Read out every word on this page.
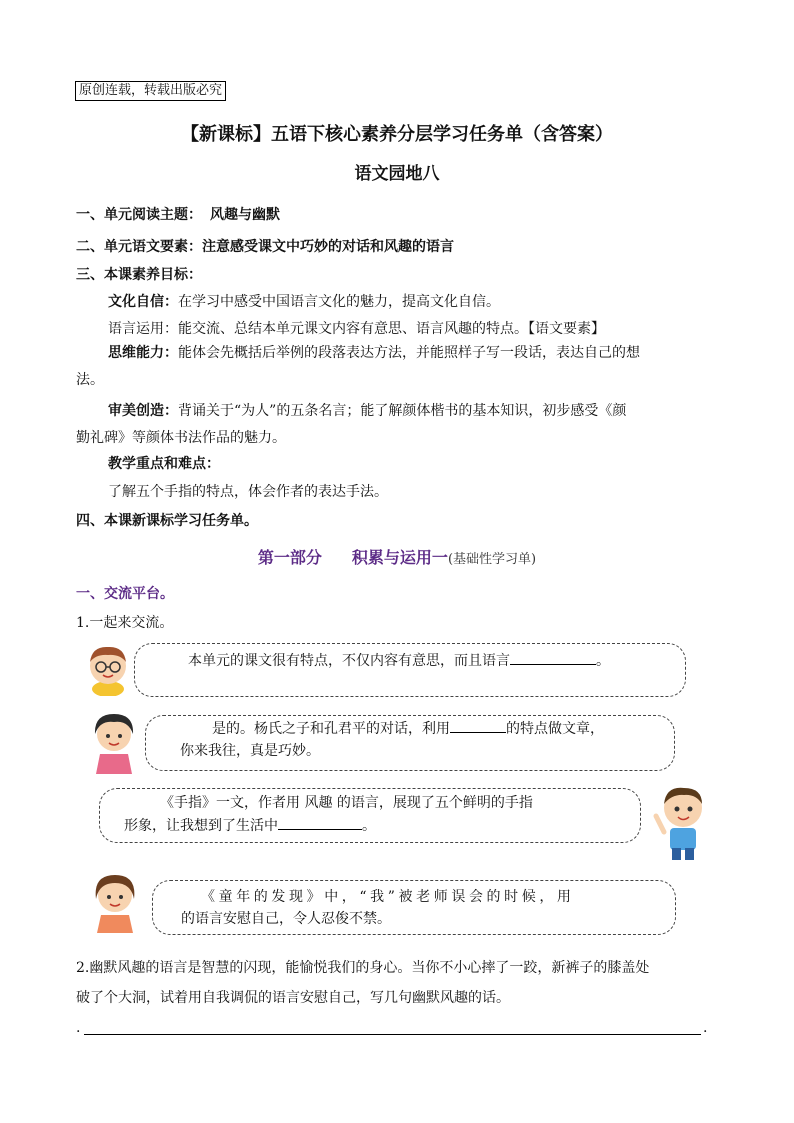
原创连载，转载出版必究
【新课标】五语下核心素养分层学习任务单（含答案）
语文园地八
一、单元阅读主题： 风趣与幽默
二、单元语文要素：注意感受课文中巧妙的对话和风趣的语言
三、本课素养目标：
文化自信：在学习中感受中国语言文化的魅力，提高文化自信。
语言运用：能交流、总结本单元课文内容有意思、语言风趣的特点。【语文要素】
思维能力：能体会先概括后举例的段落表达方法，并能照样子写一段话，表达自己的想
法。
审美创造：背诵关于“为人”的五条名言；能了解颜体楷书的基本知识，初步感受《颜
勤礼碑》等颜体书法作品的魅力。
教学重点和难点：
了解五个手指的特点，体会作者的表达手法。
四、本课新课标学习任务单。
第一部分 积累与运用一(基础性学习单)
一、交流平台。
1.一起来交流。
本单元的课文很有特点，不仅内容有意思，而且语言	。
是的。杨氏之子和孔君平的对话，利用	的特点做文章，
你来我往，真是巧妙。
《手指》一文，作者用 风趣 的语言，展现了五个鲜明的手指
形象，让我想到了生活中	。
《童年的发现》中，“我”被老师误会的时候，用
的语言安慰自己，令人忍俊不禁。
2.幽默风趣的语言是智慧的闪现，能愉悦我们的身心。当你不小心摔了一跤，新裤子的膝盖处
破了个大洞，试着用自我调侃的语言安慰自己，写几句幽默风趣的话。
.	.
